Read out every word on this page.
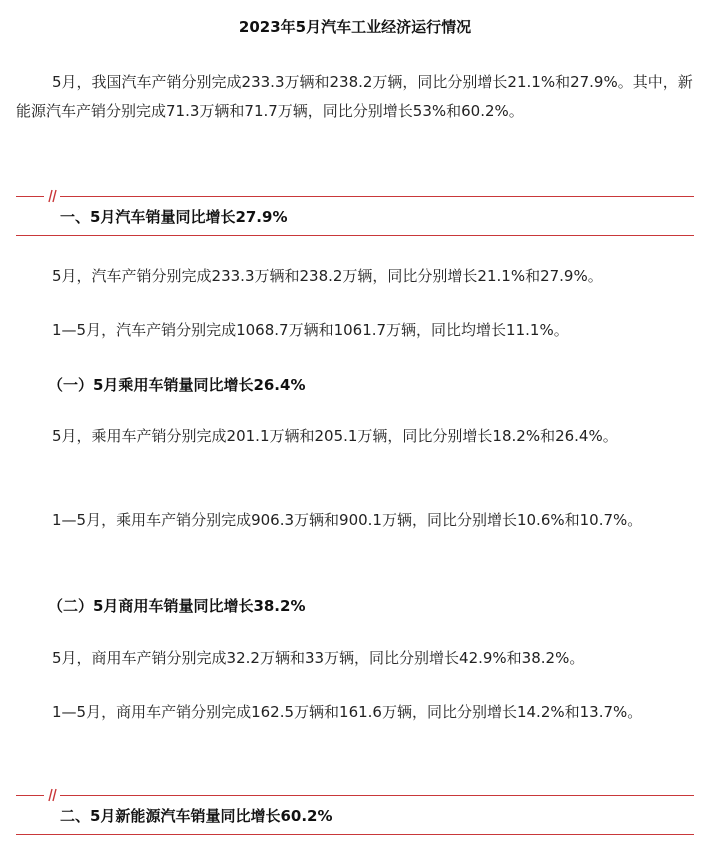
2023年5月汽车工业经济运行情况

5月，我国汽车产销分别完成233.3万辆和238.2万辆，同比分别增长21.1%和27.9%。其中，新能源汽车产销分别完成71.3万辆和71.7万辆，同比分别增长53%和60.2%。

一、5月汽车销量同比增长27.9%

5月，汽车产销分别完成233.3万辆和238.2万辆，同比分别增长21.1%和27.9%。

1—5月，汽车产销分别完成1068.7万辆和1061.7万辆，同比均增长11.1%。

（一）5月乘用车销量同比增长26.4%

5月，乘用车产销分别完成201.1万辆和205.1万辆，同比分别增长18.2%和26.4%。

1—5月，乘用车产销分别完成906.3万辆和900.1万辆，同比分别增长10.6%和10.7%。

（二）5月商用车销量同比增长38.2%

5月，商用车产销分别完成32.2万辆和33万辆，同比分别增长42.9%和38.2%。

1—5月，商用车产销分别完成162.5万辆和161.6万辆，同比分别增长14.2%和13.7%。

二、5月新能源汽车销量同比增长60.2%
